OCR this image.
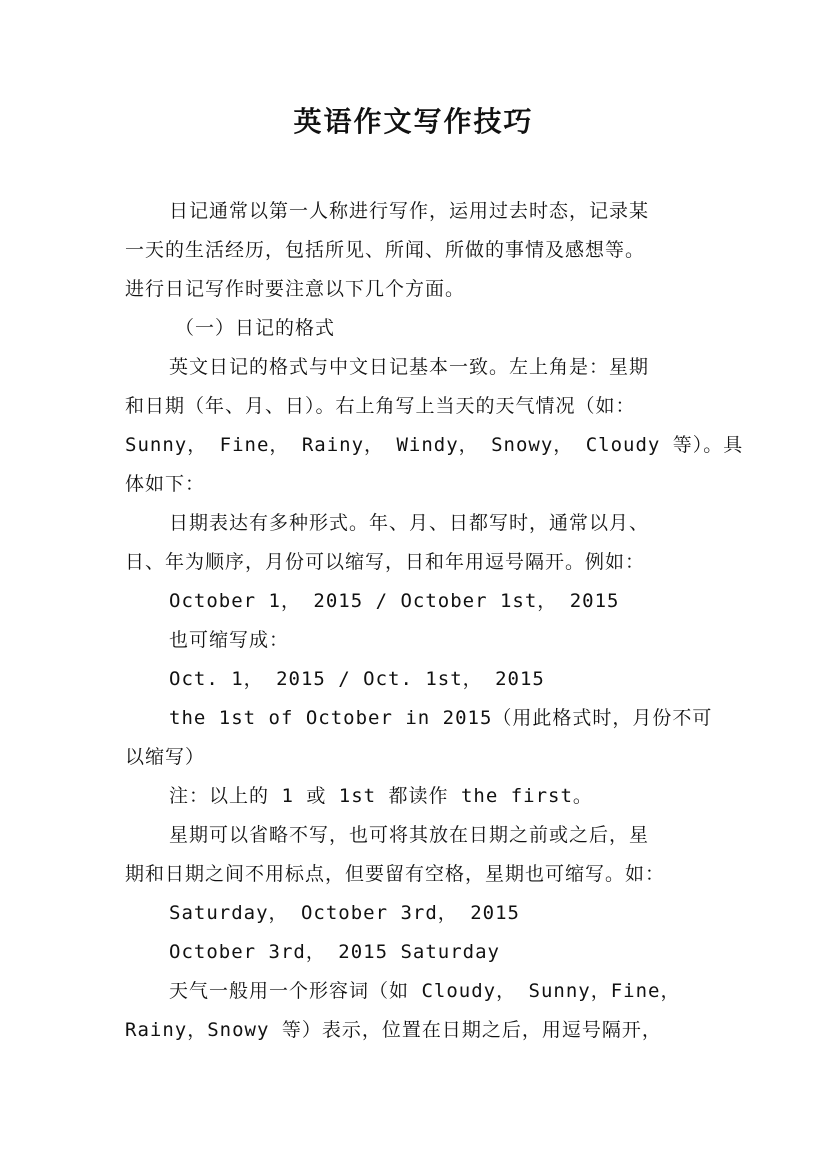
英语作文写作技巧
日记通常以第一人称进行写作，运用过去时态，记录某
一天的生活经历，包括所见、所闻、所做的事情及感想等。
进行日记写作时要注意以下几个方面。
（一）日记的格式
英文日记的格式与中文日记基本一致。左上角是：星期
和日期（年、月、日）。右上角写上当天的天气情况（如：
Sunny， Fine， Rainy， Windy， Snowy， Cloudy 等）。具
体如下：
日期表达有多种形式。年、月、日都写时，通常以月、
日、年为顺序，月份可以缩写，日和年用逗号隔开。例如：
October 1， 2015 / October 1st， 2015
也可缩写成：
Oct. 1， 2015 / Oct. 1st， 2015
the 1st of October in 2015（用此格式时，月份不可
以缩写）
注：以上的 1 或 1st 都读作 the first。
星期可以省略不写，也可将其放在日期之前或之后，星
期和日期之间不用标点，但要留有空格，星期也可缩写。如：
Saturday， October 3rd， 2015
October 3rd， 2015 Saturday
天气一般用一个形容词（如 Cloudy， Sunny，Fine，
Rainy，Snowy 等）表示，位置在日期之后，用逗号隔开，
